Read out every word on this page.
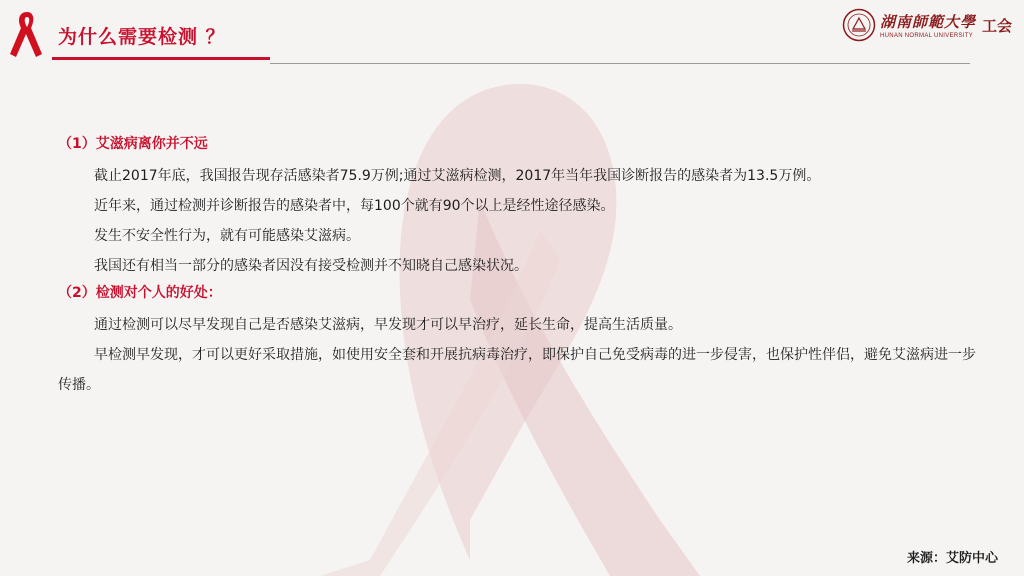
为什么需要检测 ？
湖南師範大學
HUNAN NORMAL UNIVERSITY
工会
（1）艾滋病离你并不远

截止2017年底，我国报告现存活感染者75.9万例;通过艾滋病检测，2017年当年我国诊断报告的感染者为13.5万例。

近年来，通过检测并诊断报告的感染者中，每100个就有90个以上是经性途径感染。

发生不安全性行为，就有可能感染艾滋病。

我国还有相当一部分的感染者因没有接受检测并不知晓自己感染状况。

（2）检测对个人的好处：

通过检测可以尽早发现自己是否感染艾滋病，早发现才可以早治疗，延长生命，提高生活质量。

早检测早发现，才可以更好采取措施，如使用安全套和开展抗病毒治疗，即保护自己免受病毒的进一步侵害，也保护性伴侣，避免艾滋病进一步传播。

来源：艾防中心
